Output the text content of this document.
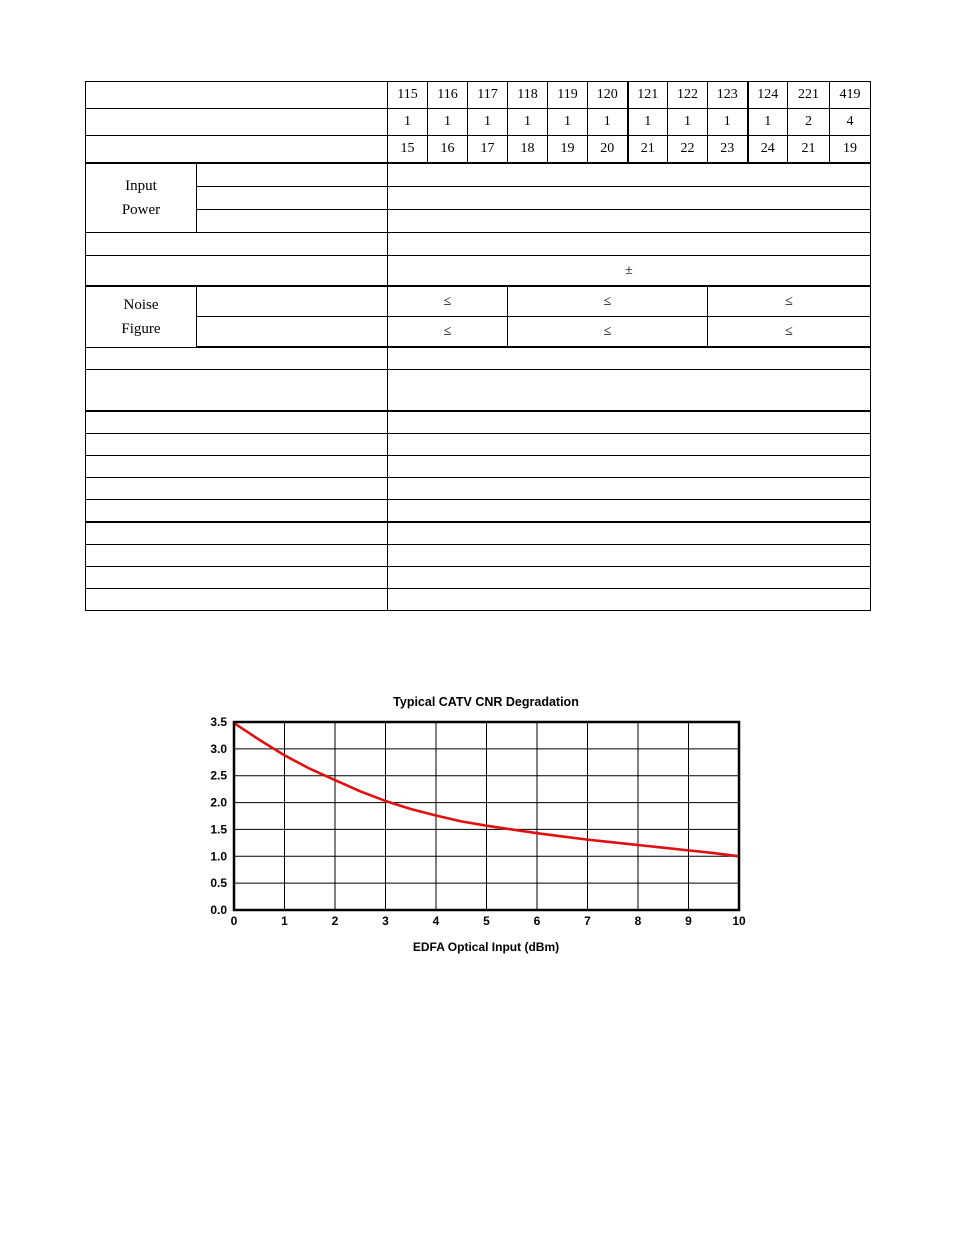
		115	116	117	118	119	120	121	122	123	124	221	419
		1	1	1	1	1	1	1	1	1	1	2	4
		15	16	17	18	19	20	21	22	23	24	21	19
Input
Power													

		±											
Noise
Figure		≤			≤					≤			
		≤			≤					≤			

Typical CATV CNR Degradation
0	1	2	3	4	5	6	7	8	9	10
0.0
0.5
1.0
1.5
2.0
2.5
3.0
3.5
EDFA Optical Input (dBm)
